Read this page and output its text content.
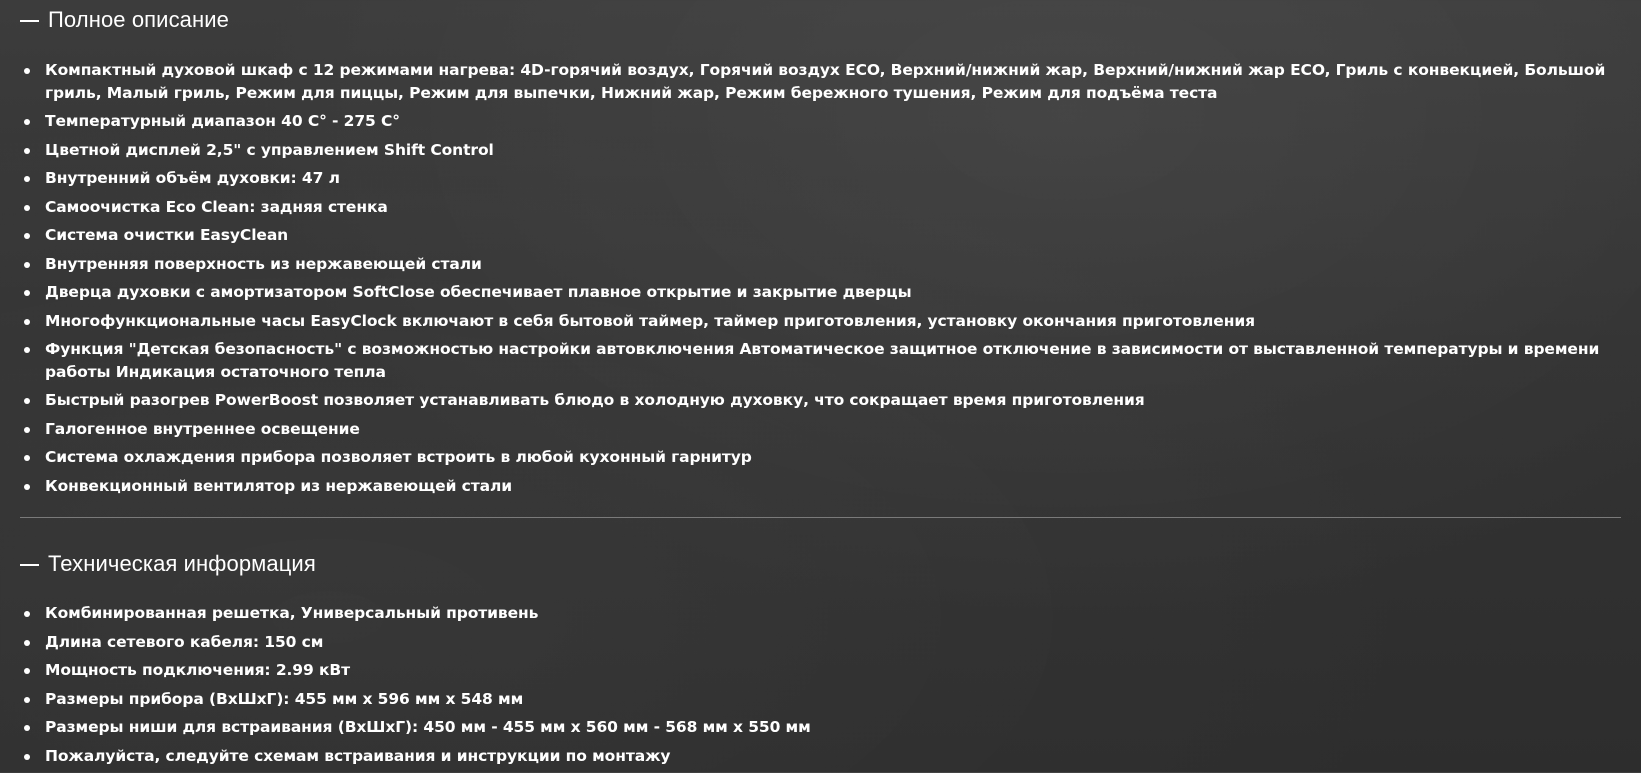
Полное описание
Компактный духовой шкаф с 12 режимами нагрева: 4D-горячий воздух, Горячий воздух ECO, Верхний/нижний жар, Верхний/нижний жар ECO, Гриль с конвекцией, Большой гриль, Малый гриль, Режим для пиццы, Режим для выпечки, Нижний жар, Режим бережного тушения, Режим для подъёма теста
Температурный диапазон 40 C° - 275 C°
Цветной дисплей 2,5" с управлением Shift Control
Внутренний объём духовки: 47 л
Самоочистка Eco Clean: задняя стенка
Система очистки EasyClean
Внутренняя поверхность из нержавеющей стали
Дверца духовки с амортизатором SoftClose обеспечивает плавное открытие и закрытие дверцы
Многофункциональные часы EasyClock включают в себя бытовой таймер, таймер приготовления, установку окончания приготовления
Функция "Детская безопасность" с возможностью настройки автовключения Автоматическое защитное отключение в зависимости от выставленной температуры и времени работы Индикация остаточного тепла
Быстрый разогрев PowerBoost позволяет устанавливать блюдо в холодную духовку, что сокращает время приготовления
Галогенное внутреннее освещение
Система охлаждения прибора позволяет встроить в любой кухонный гарнитур
Конвекционный вентилятор из нержавеющей стали
Техническая информация
Комбинированная решетка, Универсальный противень
Длина сетевого кабеля: 150 см
Мощность подключения: 2.99 кВт
Размеры прибора (ВхШхГ): 455 мм x 596 мм x 548 мм
Размеры ниши для встраивания (ВхШхГ): 450 мм - 455 мм x 560 мм - 568 мм x 550 мм
Пожалуйста, следуйте схемам встраивания и инструкции по монтажу
